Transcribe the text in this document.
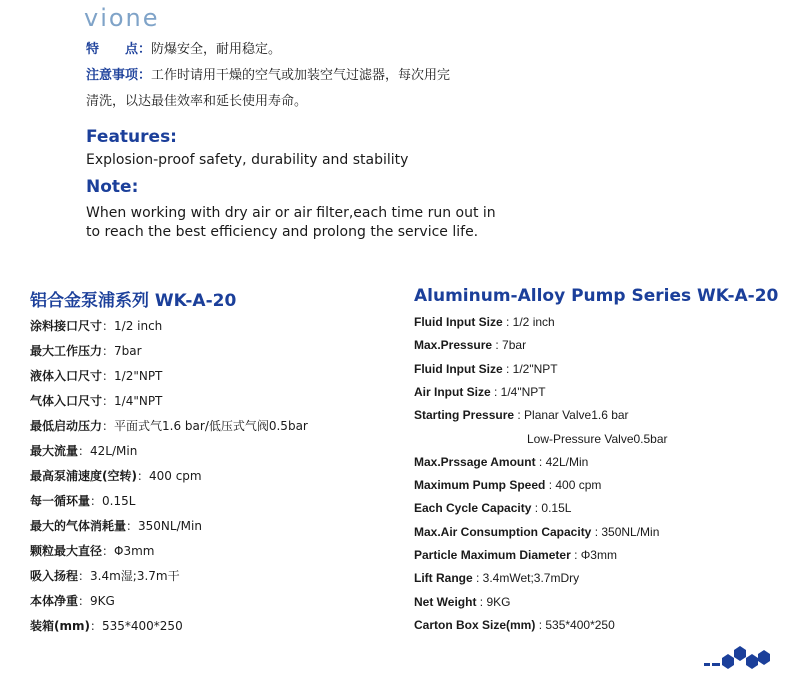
vione
特　　点：防爆安全，耐用稳定。
注意事项：工作时请用干燥的空气或加装空气过滤器，每次用完
清洗，以达最佳效率和延长使用寿命。
Features:
Explosion-proof safety, durability and stability
Note:
When working with dry air or air filter,each time run out in
to reach the best efficiency and prolong the service life.
铝合金泵浦系列 WK-A-20	Aluminum-Alloy Pump Series WK-A-20
涂料接口尺寸：1/2 inch
最大工作压力：7bar
液体入口尺寸：1/2"NPT
气体入口尺寸：1/4"NPT
最低启动压力：平面式气1.6 bar/低压式气阀0.5bar
最大流量：42L/Min
最高泵浦速度(空转)：400 cpm
每一循环量：0.15L
最大的气体消耗量：350NL/Min
颗粒最大直径：Φ3mm
吸入扬程：3.4m湿;3.7m干
本体净重：9KG
装箱(mm)：535*400*250
Fluid Input Size : 1/2 inch
Max.Pressure : 7bar
Fluid Input Size : 1/2"NPT
Air Input Size : 1/4"NPT
Starting Pressure : Planar Valve1.6 bar
Low-Pressure Valve0.5bar
Max.Prssage Amount : 42L/Min
Maximum Pump Speed : 400 cpm
Each Cycle Capacity : 0.15L
Max.Air Consumption Capacity : 350NL/Min
Particle Maximum Diameter : Φ3mm
Lift Range : 3.4mWet;3.7mDry
Net Weight : 9KG
Carton Box Size(mm) : 535*400*250
